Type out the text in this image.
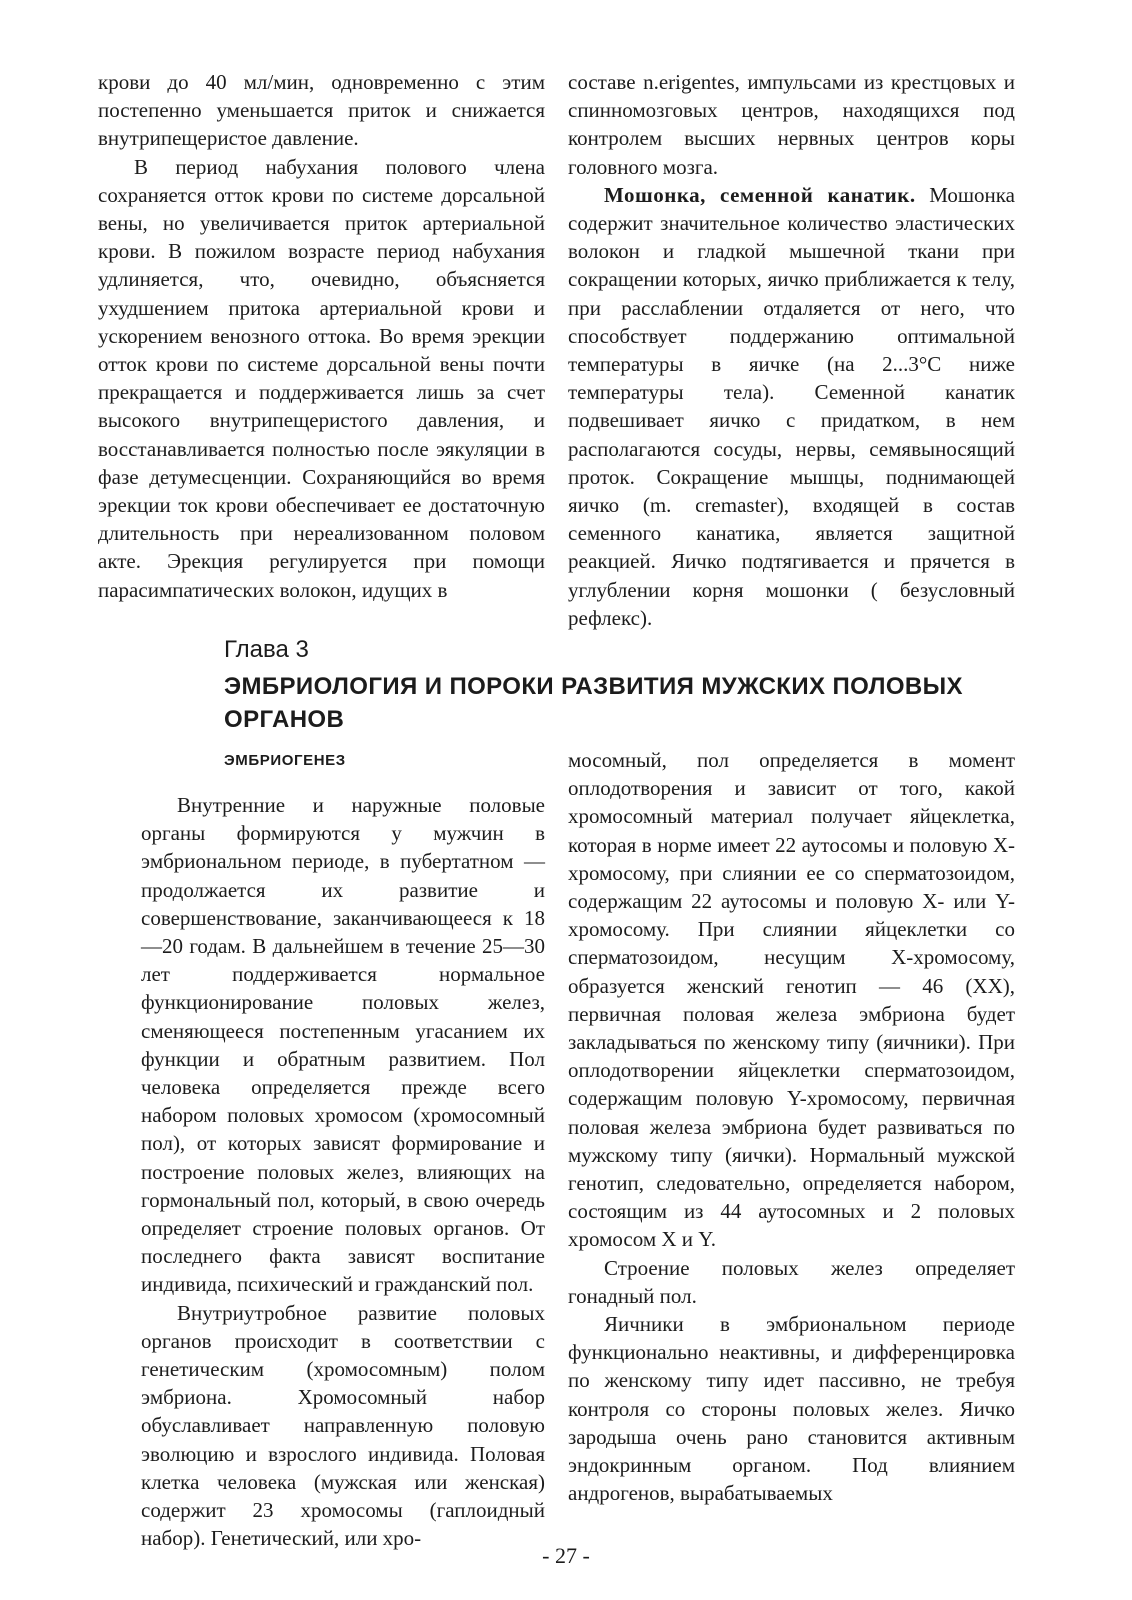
крови до 40 мл/мин, одновременно с этим постепенно уменьшается приток и снижается внутрипещеристое давление.

В период набухания полового члена сохраняется отток крови по системе дорсальной вены, но увеличивается приток артериальной крови. В пожилом возрасте период набухания удлиняется, что, очевидно, объясняется ухудшением притока артериальной крови и ускорением венозного оттока. Во время эрекции отток крови по системе дорсальной вены почти прекращается и поддерживается лишь за счет высокого внутрипещеристого давления, и восстанавливается полностью после эякуляции в фазе детумесценции. Сохраняющийся во время эрекции ток крови обеспечивает ее достаточную длительность при нереализованном половом акте. Эрекция регулируется при помощи парасимпатических волокон, идущих в

составе n.erigentes, импульсами из крестцовых и спинномозговых центров, находящихся под контролем высших нервных центров коры головного мозга.

Мошонка, семенной канатик. Мошонка содержит значительное количество эластических волокон и гладкой мышечной ткани при сокращении которых, яичко приближается к телу, при расслаблении отдаляется от него, что способствует поддержанию оптимальной температуры в яичке (на 2...3°С ниже температуры тела). Семенной канатик подвешивает яичко с придатком, в нем располагаются сосуды, нервы, семявыносящий проток. Сокращение мышцы, поднимающей яичко (m. cremaster), входящей в состав семенного канатика, является защитной реакцией. Яичко подтягивается и прячется в углублении корня мошонки ( безусловный рефлекс).

Глава 3
ЭМБРИОЛОГИЯ И ПОРОКИ РАЗВИТИЯ МУЖСКИХ ПОЛОВЫХ ОРГАНОВ
ЭМБРИОГЕНЕЗ

Внутренние и наружные половые органы формируются у мужчин в эмбриональном периоде, в пубертатном — продолжается их развитие и совершенствование, заканчивающееся к 18—20 годам. В дальнейшем в течение 25—30 лет поддерживается нормальное функционирование половых желез, сменяющееся постепенным угасанием их функции и обратным развитием. Пол человека определяется прежде всего набором половых хромосом (хромосомный пол), от которых зависят формирование и построение половых желез, влияющих на гормональный пол, который, в свою очередь определяет строение половых органов. От последнего факта зависят воспитание индивида, психический и гражданский пол.

Внутриутробное развитие половых органов происходит в соответствии с генетическим (хромосомным) полом эмбриона. Хромосомный набор обуславливает направленную половую эволюцию и взрослого индивида. Половая клетка человека (мужская или женская) содержит 23 хромосомы (гаплоидный набор). Генетический, или хро-

мосомный, пол определяется в момент оплодотворения и зависит от того, какой хромосомный материал получает яйцеклетка, которая в норме имеет 22 аутосомы и половую Х-хромосому, при слиянии ее со сперматозоидом, содержащим 22 аутосомы и половую Х- или Y-хромосому. При слиянии яйцеклетки со сперматозоидом, несущим Х-хромосому, образуется женский генотип — 46 (XX), первичная половая железа эмбриона будет закладываться по женскому типу (яичники). При оплодотворении яйцеклетки сперматозоидом, содержащим половую Y-хромосому, первичная половая железа эмбриона будет развиваться по мужскому типу (яички). Нормальный мужской генотип, следовательно, определяется набором, состоящим из 44 аутосомных и 2 половых хромосом X и Y.

Строение половых желез определяет гонадный пол.

Яичники в эмбриональном периоде функционально неактивны, и дифференцировка по женскому типу идет пассивно, не требуя контроля со стороны половых желез. Яичко зародыша очень рано становится активным эндокринным органом. Под влиянием андрогенов, вырабатываемых

- 27 -
